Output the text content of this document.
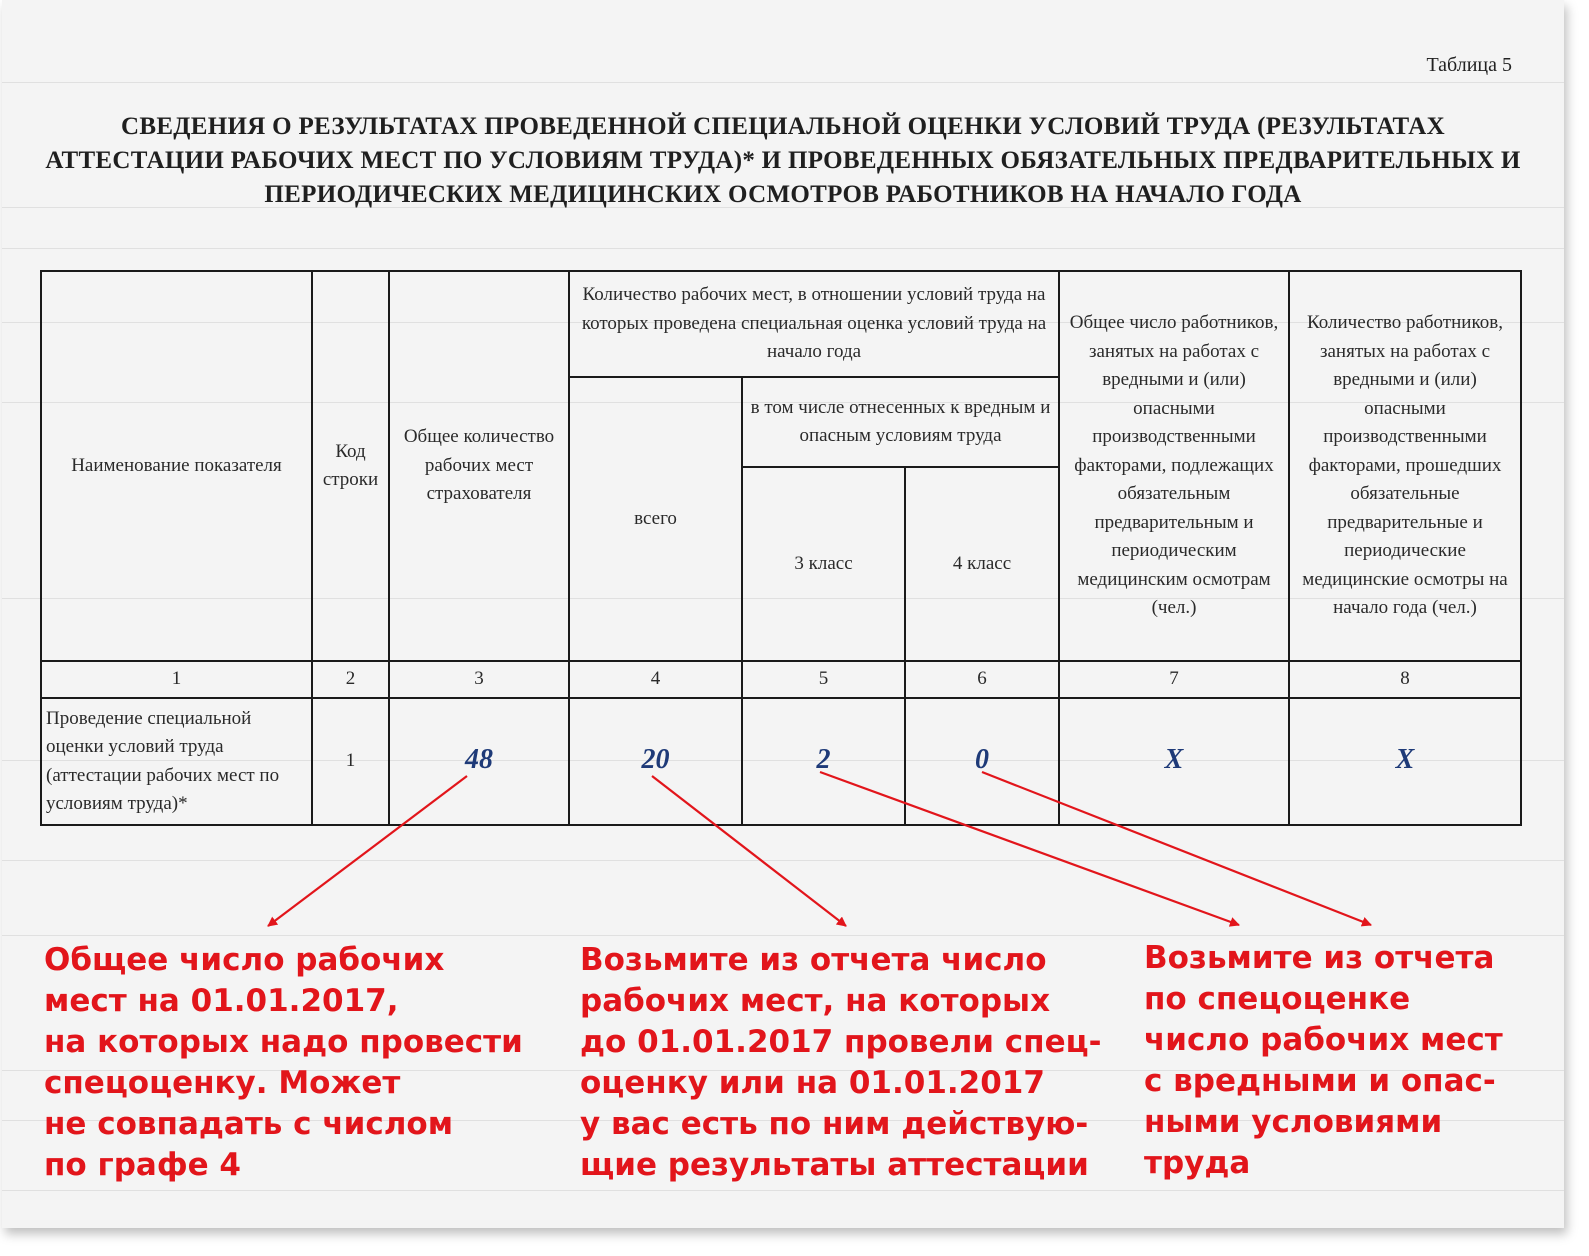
Таблица 5
СВЕДЕНИЯ О РЕЗУЛЬТАТАХ ПРОВЕДЕННОЙ СПЕЦИАЛЬНОЙ ОЦЕНКИ УСЛОВИЙ ТРУДА (РЕЗУЛЬТАТАХ АТТЕСТАЦИИ РАБОЧИХ МЕСТ ПО УСЛОВИЯМ ТРУДА)* И ПРОВЕДЕННЫХ ОБЯЗАТЕЛЬНЫХ ПРЕДВАРИТЕЛЬНЫХ И ПЕРИОДИЧЕСКИХ МЕДИЦИНСКИХ ОСМОТРОВ РАБОТНИКОВ НА НАЧАЛО ГОДА
Наименование показателя	Код строки	Общее количество рабочих мест страхователя	Количество рабочих мест, в отношении условий труда на которых проведена специальная оценка условий труда на начало года			Общее число работников, занятых на работах с вредными и (или) опасными производственными факторами, подлежащих обязательным предварительным и периодическим медицинским осмотрам (чел.)	Количество работников, занятых на работах с вредными и (или) опасными производственными факторами, прошедших обязательные предварительные и периодические медицинские осмотры на начало года (чел.)
			всего	в том числе отнесенных к вредным и опасным условиям труда			
				3 класс	4 класс		
1	2	3	4	5	6	7	8
Проведение специальной оценки условий труда (аттестации рабочих мест по условиям труда)*	1	48	20	2	0	Х	Х
Общее число рабочих
мест на 01.01.2017,
на которых надо провести
спецоценку. Может
не совпадать с числом
по графе 4
Возьмите из отчета число
рабочих мест, на которых
до 01.01.2017 провели спец-
оценку или на 01.01.2017
у вас есть по ним действую-
щие результаты аттестации
Возьмите из отчета
по спецоценке
число рабочих мест
с вредными и опас-
ными условиями
труда
